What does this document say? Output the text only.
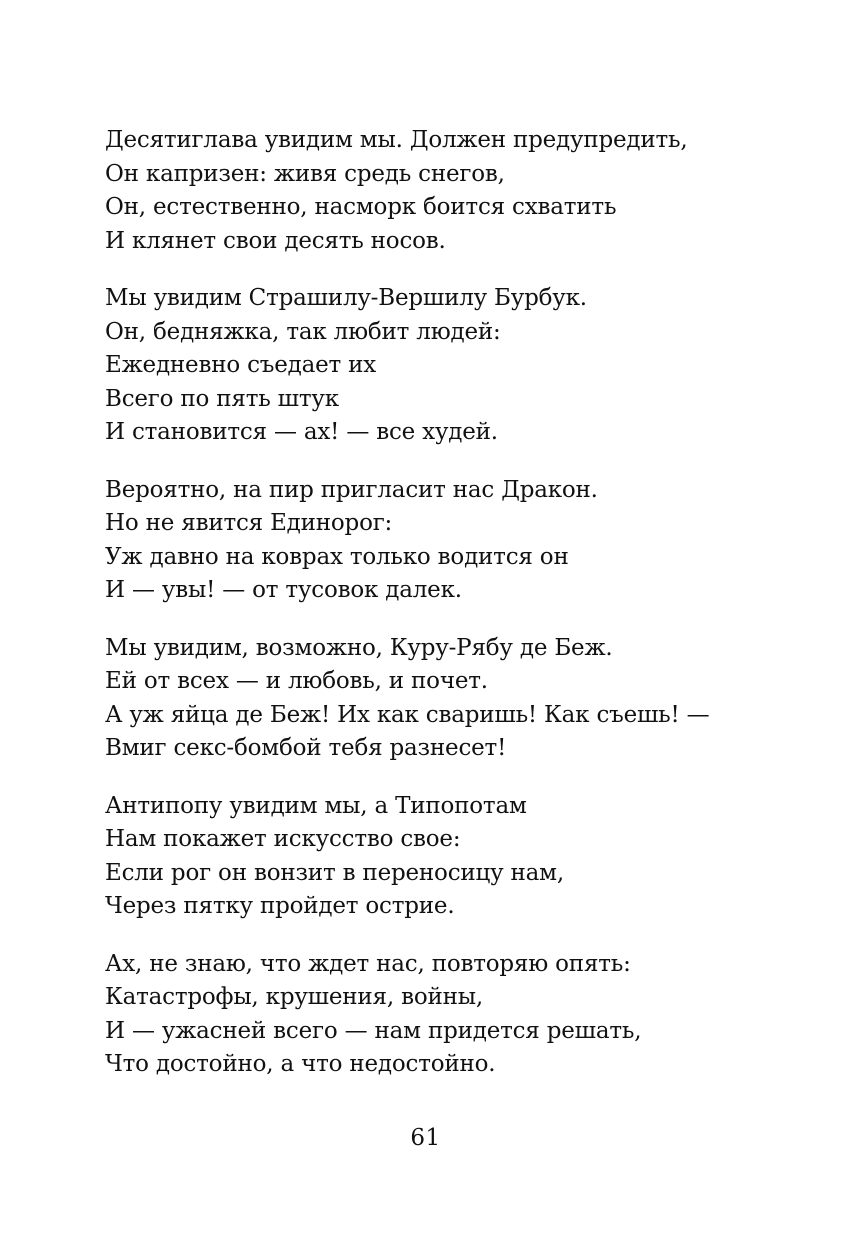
Десятиглава увидим мы. Должен предупредить,
Он капризен: живя средь снегов,
Он, естественно, насморк боится схватить
И клянет свои десять носов.
Мы увидим Страшилу-Вершилу Бурбук.
Он, бедняжка, так любит людей:
Ежедневно съедает их
Всего по пять штук
И становится — ах! — все худей.
Вероятно, на пир пригласит нас Дракон.
Но не явится Единорог:
Уж давно на коврах только водится он
И — увы! — от тусовок далек.
Мы увидим, возможно, Куру-Рябу де Беж.
Ей от всех — и любовь, и почет.
А уж яйца де Беж! Их как сваришь! Как съешь! —
Вмиг секс-бомбой тебя разнесет!
Антипопу увидим мы, а Типопотам
Нам покажет искусство свое:
Если рог он вонзит в переносицу нам,
Через пятку пройдет острие.
Ах, не знаю, что ждет нас, повторяю опять:
Катастрофы, крушения, войны,
И — ужасней всего — нам придется решать,
Что достойно, а что недостойно.
61
